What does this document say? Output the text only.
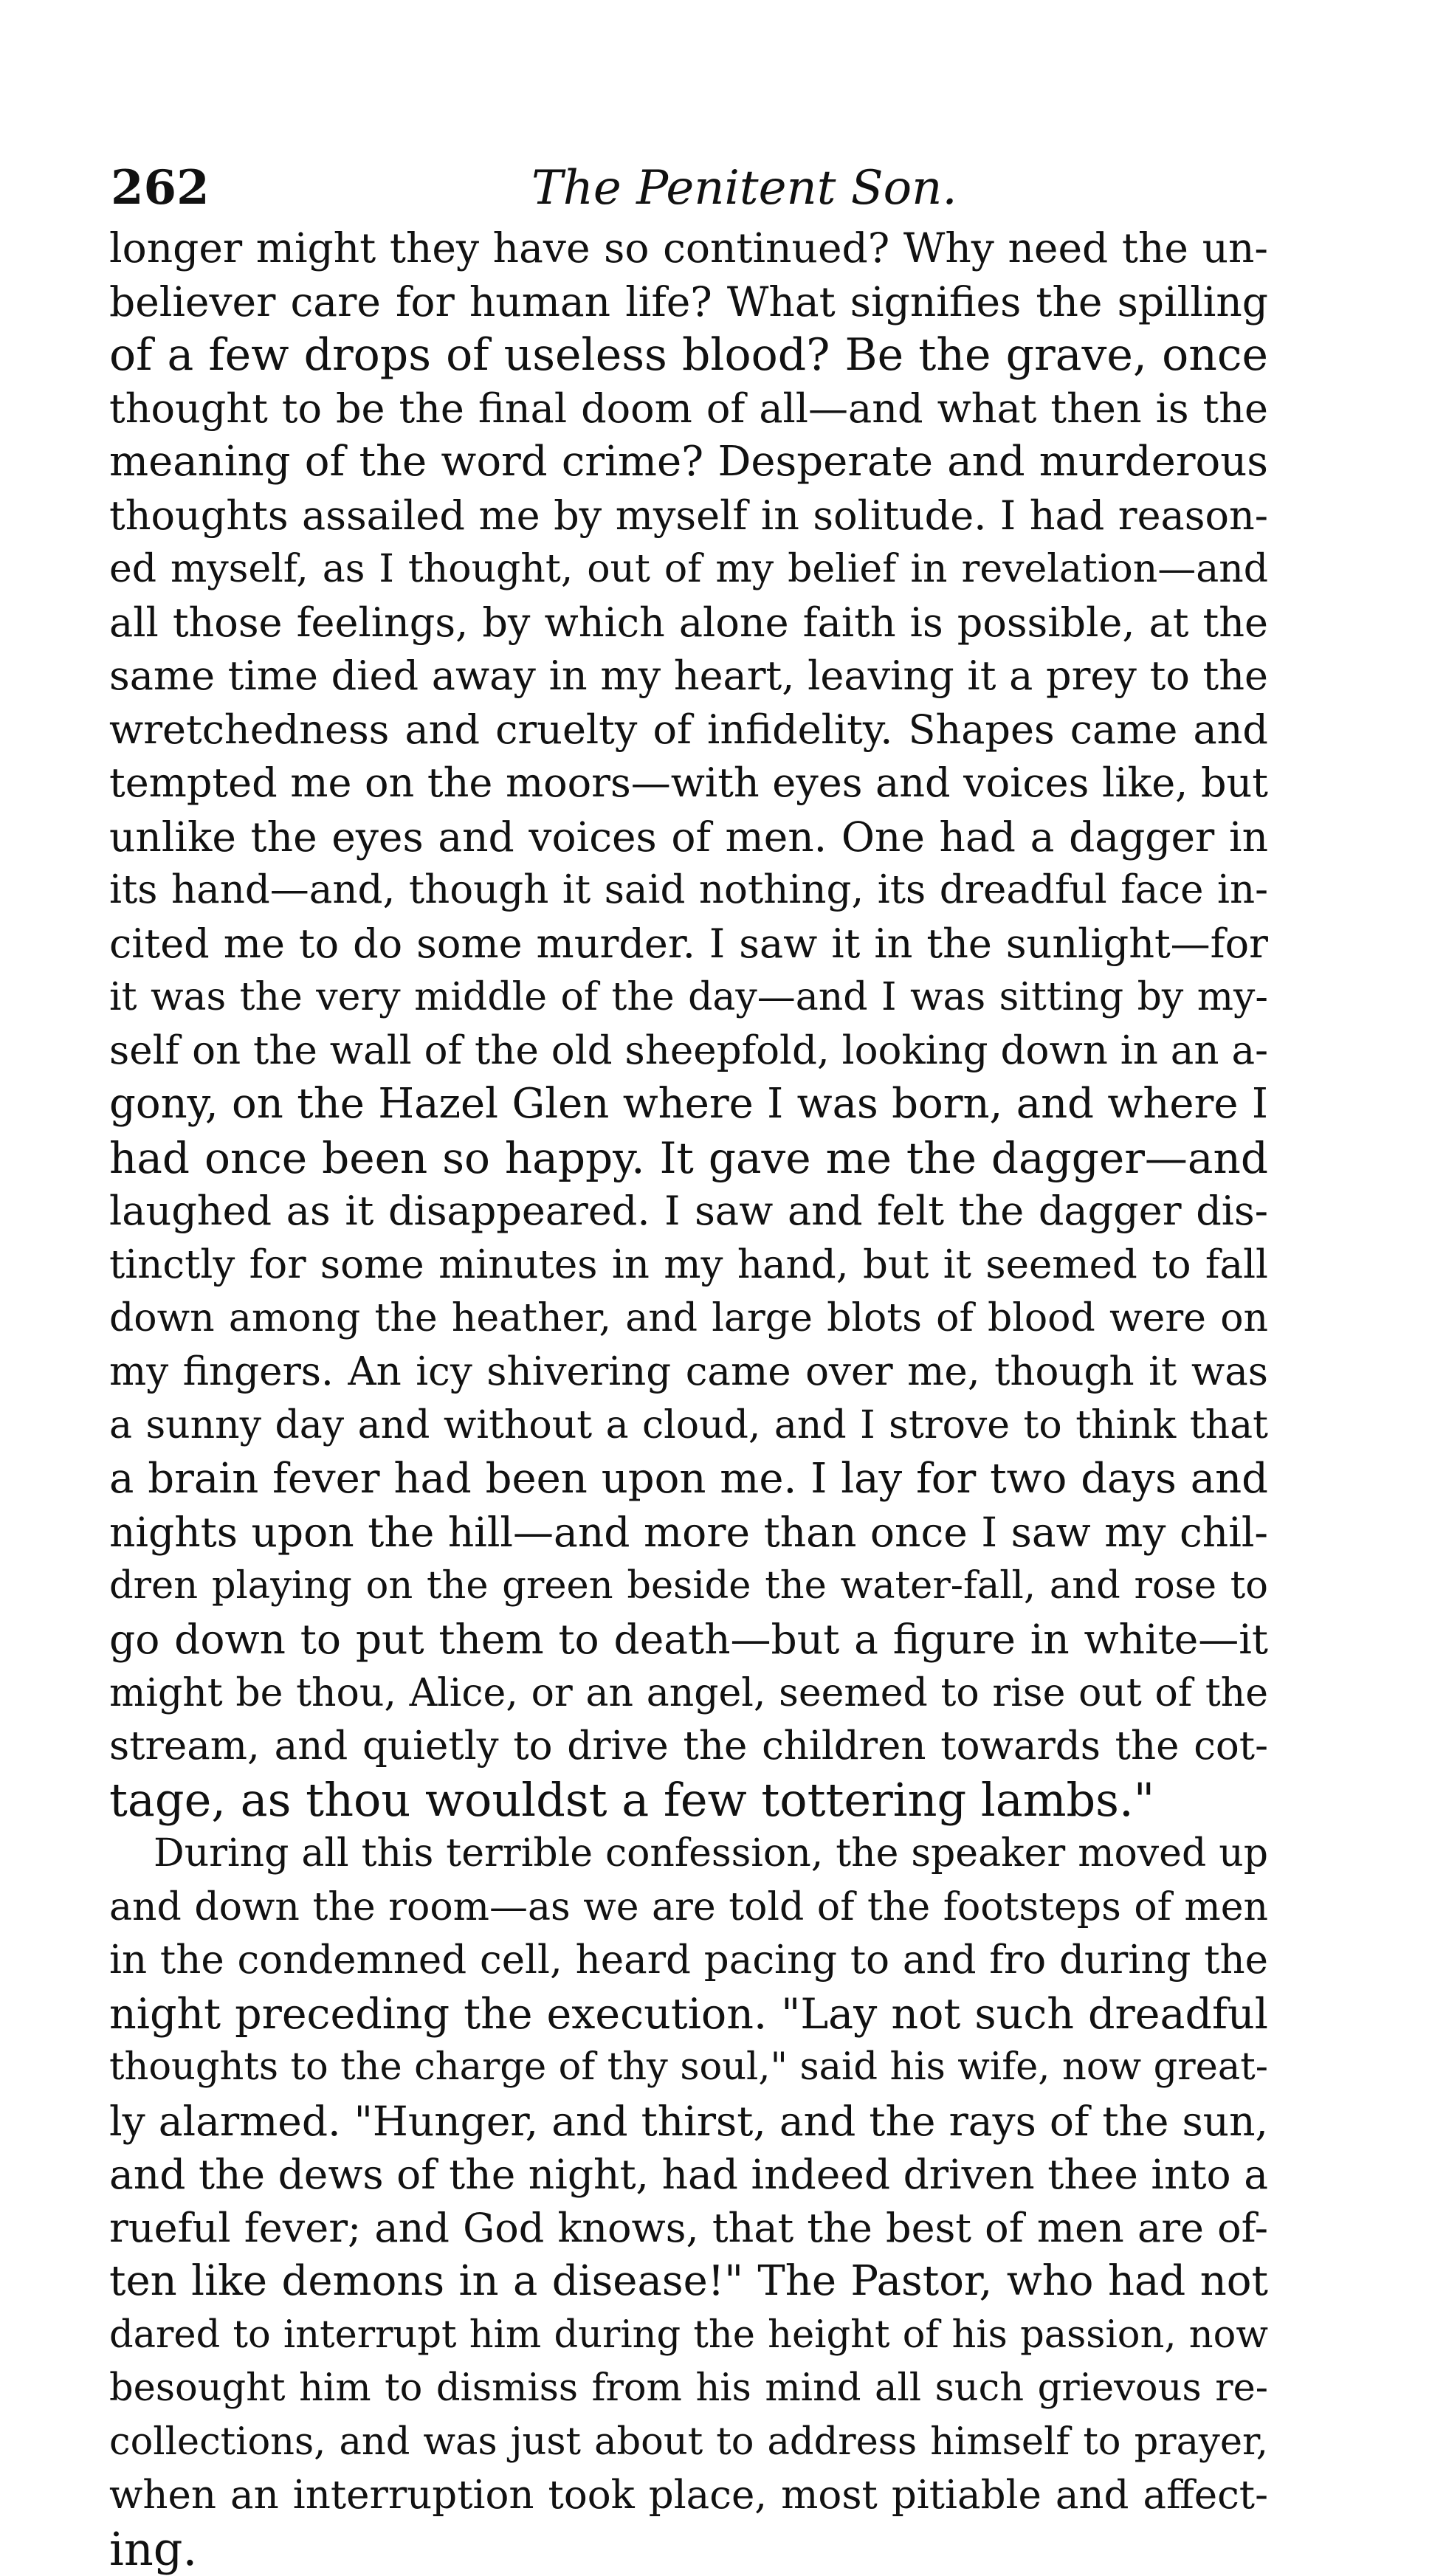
262	The Penitent Son.
longer might they have so continued? Why need the un-
believer care for human life? What signifies the spilling
of a few drops of useless blood? Be the grave, once
thought to be the final doom of all—and what then is the
meaning of the word crime? Desperate and murderous
thoughts assailed me by myself in solitude. I had reason-
ed myself, as I thought, out of my belief in revelation—and
all those feelings, by which alone faith is possible, at the
same time died away in my heart, leaving it a prey to the
wretchedness and cruelty of infidelity. Shapes came and
tempted me on the moors—with eyes and voices like, but
unlike the eyes and voices of men. One had a dagger in
its hand—and, though it said nothing, its dreadful face in-
cited me to do some murder. I saw it in the sunlight—for
it was the very middle of the day—and I was sitting by my-
self on the wall of the old sheepfold, looking down in an a-
gony, on the Hazel Glen where I was born, and where I
had once been so happy. It gave me the dagger—and
laughed as it disappeared. I saw and felt the dagger dis-
tinctly for some minutes in my hand, but it seemed to fall
down among the heather, and large blots of blood were on
my fingers. An icy shivering came over me, though it was
a sunny day and without a cloud, and I strove to think that
a brain fever had been upon me. I lay for two days and
nights upon the hill—and more than once I saw my chil-
dren playing on the green beside the water-fall, and rose to
go down to put them to death—but a figure in white—it
might be thou, Alice, or an angel, seemed to rise out of the
stream, and quietly to drive the children towards the cot-
tage, as thou wouldst a few tottering lambs."
During all this terrible confession, the speaker moved up
and down the room—as we are told of the footsteps of men
in the condemned cell, heard pacing to and fro during the
night preceding the execution. "Lay not such dreadful
thoughts to the charge of thy soul," said his wife, now great-
ly alarmed. "Hunger, and thirst, and the rays of the sun,
and the dews of the night, had indeed driven thee into a
rueful fever; and God knows, that the best of men are of-
ten like demons in a disease!" The Pastor, who had not
dared to interrupt him during the height of his passion, now
besought him to dismiss from his mind all such grievous re-
collections, and was just about to address himself to prayer,
when an interruption took place, most pitiable and affect-
ing.
